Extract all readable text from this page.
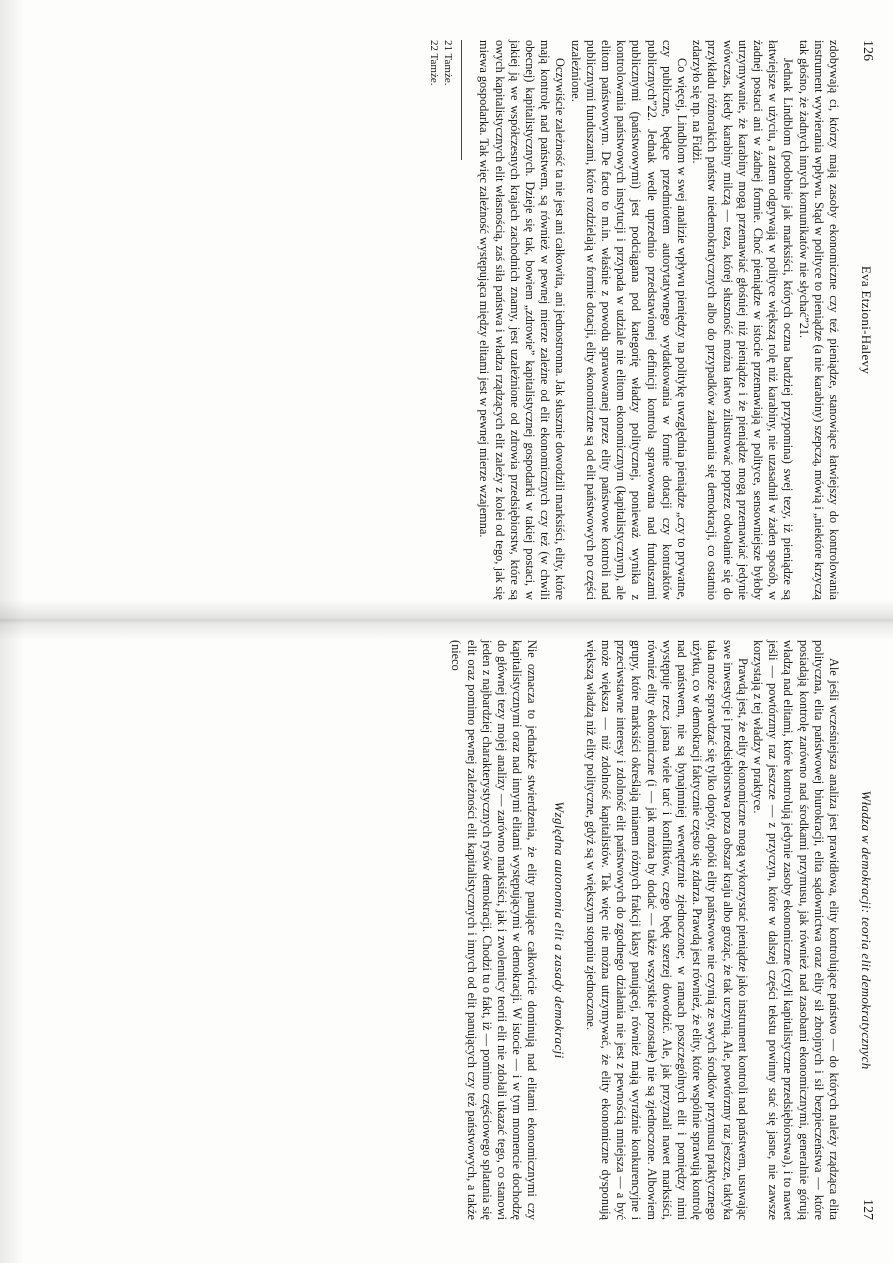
126
Eva Etzioni-Halevy

zdobywają ci, którzy mają zasoby ekonomiczne czy też pieniądze, stanowiące łatwiejszy do kontrolowania instrument wywierania wpływu. Stąd w polityce to pieniądze (a nie karabiny) szepczą, mówią i „niektóre krzyczą tak głośno, że żadnych innych komunikatów nie słychać”21.

Jednak Lindblom (podobnie jak marksiści, których oczna bardziej przypomina) swej tezy, iż pieniądze są łatwiejsze w użyciu, a zatem odgrywają w polityce większą rolę niż karabiny, nie uzasadnił w żaden sposób, w żadnej postaci ani w żadnej formie. Choć pieniądze w istocie przemawiają w polityce, sensowniejsze byłoby utrzymywanie, że karabiny mogą przemawiać głośniej niż pieniądze i że pieniądze mogą przemawiać jedynie wówczas, kiedy karabiny milczą — teza, której słuszność można łatwo zilustrować poprzez odwołanie się do przykładu różnorakich państw niedemokratycznych albo do przypadków załamania się demokracji, co ostatnio zdarzyło się np. na Fidżi.

Co więcej, Lindblom w swej analizie wpływu pieniędzy na politykę uwzględnia pieniądze „czy to prywatne, czy publiczne, będące przedmiotem autorytatywnego wydatkowania w formie dotacji czy kontraktów publicznych”22. Jednak wedle uprzednio przedstawionej definicji kontrola sprawowana nad funduszami publicznymi (państwowymi) jest podciągana pod kategorię władzy politycznej, ponieważ wynika z kontrolowania państwowych instytucji i przypada w udziale nie elitom ekonomicznym (kapitalistycznym), ale elitom państwowym. De facto to m.in. właśnie z powodu sprawowanej przez elity państwowe kontroli nad publicznymi funduszami, które rozdzielają w formie dotacji, elity ekonomiczne są od elit państwowych po części uzależnione.

Oczywiście zależność ta nie jest ani całkowita, ani jednostronna. Jak słusznie dowodzili marksiści, elity, które mają kontrolę nad państwem, są również w pewnej mierze zależne od elit ekonomicznych czy też (w chwili obecnej) kapitalistycznych. Dzieje się tak, bowiem „zdrowie” kapitalistycznej gospodarki w takiej postaci, w jakiej ją we współczesnych krajach zachodnich znamy, jest uzależnione od zdrowia przedsiębiorstw, które są owych kapitalistycznych elit własnością, zaś siła państwa i władza rządzących elit zależy z kolei od tego, jak się miewa gospodarka. Tak więc zależność występująca między elitami jest w pewnej mierze wzajemna.

21 Tamże.
22 Tamże.
Władza w demokracji: teoria elit demokratycznych
127

Ale jeśli wcześniejsza analiza jest prawidłowa, elity kontrolujące państwo — do których należy rządząca elita polityczna, elita państwowej biurokracji, elita sądownictwa oraz elity sił zbrojnych i sił bezpieczeństwa — które posiadają kontrolę zarówno nad środkami przymusu, jak również nad zasobami ekonomicznymi, generalnie górują władzą nad elitami, które kontrolują jedynie zasoby ekonomiczne (czyli kapitalistyczne przedsiębiorstwa), i to nawet jeśli — powtórzmy raz jeszcze — z przyczyn, które w dalszej części tekstu powinny stać się jasne, nie zawsze korzystają z tej władzy w praktyce.

Prawdą jest, że elity ekonomiczne mogą wykorzystać pieniądze jako instrument kontroli nad państwem, usuwając swe inwestycje i przedsiębiorstwa poza obszar kraju albo grożąc, że tak uczynią. Ale, powtórzmy raz jeszcze, taktyka taka może sprawdzać się tylko dopóty, dopóki elity państwowe nie czynią ze swych środków przymusu praktycznego użytku, co w demokracji faktycznie często się zdarza. Prawdą jest również, że elity, które wspólnie sprawują kontrolę nad państwem, nie są bynajmniej wewnętrznie zjednoczone; w ramach poszczególnych elit i pomiędzy nimi występuje rzecz jasna wiele tarć i konfliktów, czego będę szerzej dowodzić. Ale, jak przyznali nawet marksiści, również elity ekonomiczne (i — jak można by dodać — także wszystkie pozostałe) nie są zjednoczone. Albowiem grupy, które marksiści określają mianem różnych frakcji klasy panującej, również mają wyraźnie konkurencyjne i przeciwstawne interesy i zdolność elit państwowych do zgodnego działania nie jest z pewnością mniejsza — a być może większa — niż zdolność kapitalistów. Tak więc nie można utrzymywać, że elity ekonomiczne dysponują większą władzą niż elity polityczne, gdyż są w większym stopniu zjednoczone.

Względna autonomia elit a zasady demokracji

Nie oznacza to jednakże stwierdzenia, że elity panujące całkowicie dominują nad elitami ekonomicznymi czy kapitalistycznymi oraz nad innymi elitami występującymi w demokracji. W istocie — i w tym momencie dochodzę do głównej tezy mojej analizy — zarówno marksiści, jak i zwolennicy teorii elit nie zdołali ukazać tego, co stanowi jeden z najbardziej charakterystycznych rysów demokracji. Chodzi tu o fakt, iż — pomimo częściowego splatania się elit oraz pomimo pewnej zależności elit kapitalistycznych i innych od elit panujących czy też państwowych, a także (nieco
